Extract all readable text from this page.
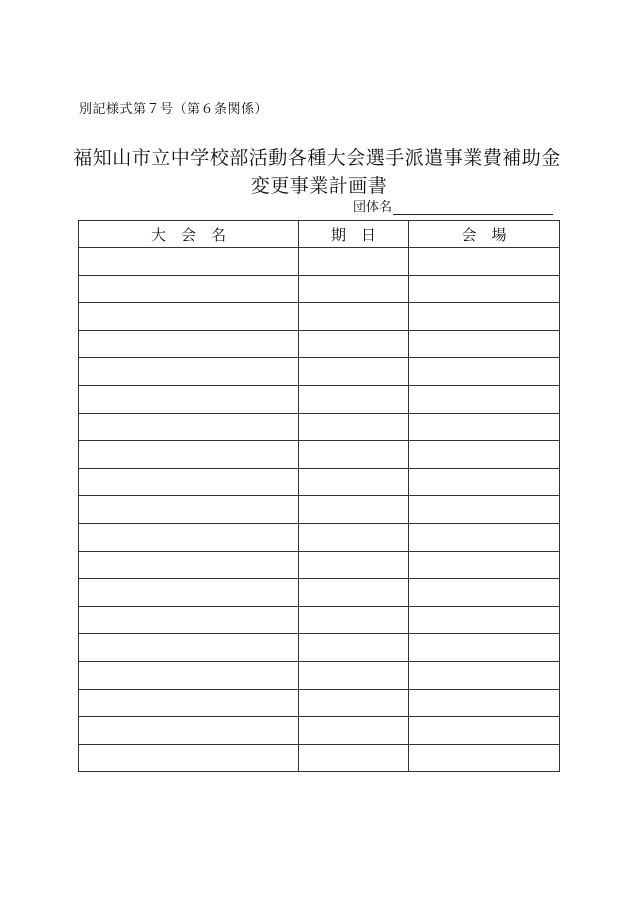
別記様式第７号（第６条関係）
福知山市立中学校部活動各種大会選手派遣事業費補助金
変更事業計画書
団体名
大　会　名	期　日	会　場
